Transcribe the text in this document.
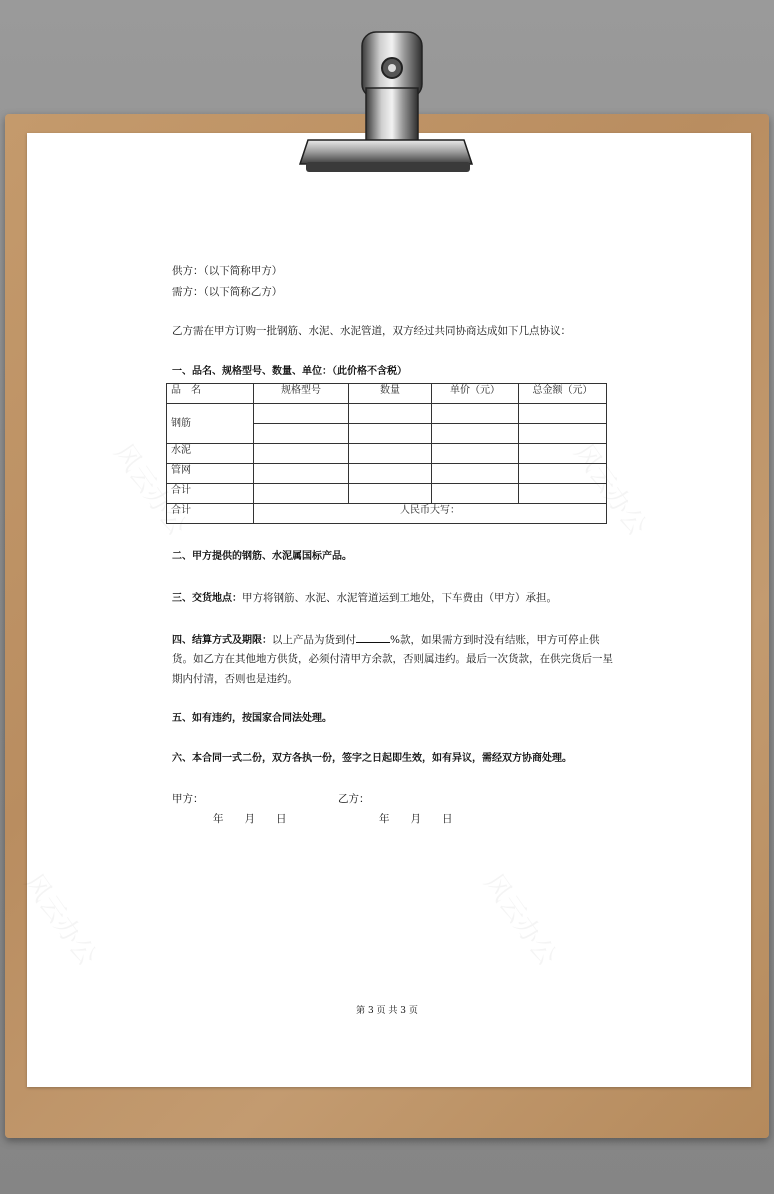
供方：（以下简称甲方）
需方：（以下简称乙方）
乙方需在甲方订购一批钢筋、水泥、水泥管道，双方经过共同协商达成如下几点协议：
一、品名、规格型号、数量、单位：（此价格不含税）
品　名	规格型号	数量	单价（元）	总金额（元）
钢筋				

水泥				
管网				
合计				
合计	人民币大写：			
二、甲方提供的钢筋、水泥属国标产品。
三、交货地点：甲方将钢筋、水泥、水泥管道运到工地处，下车费由（甲方）承担。
四、结算方式及期限：以上产品为货到付	%款，如果需方到时没有结账，甲方可停止供
货。如乙方在其他地方供货，必须付清甲方余款，否则属违约。最后一次货款，在供完货后一星
期内付清，否则也是违约。
五、如有违约，按国家合同法处理。
六、本合同一式二份，双方各执一份，签字之日起即生效，如有异议，需经双方协商处理。
甲方：	乙方：
年　　月　　日	年　　月　　日
第 3 页 共 3 页
